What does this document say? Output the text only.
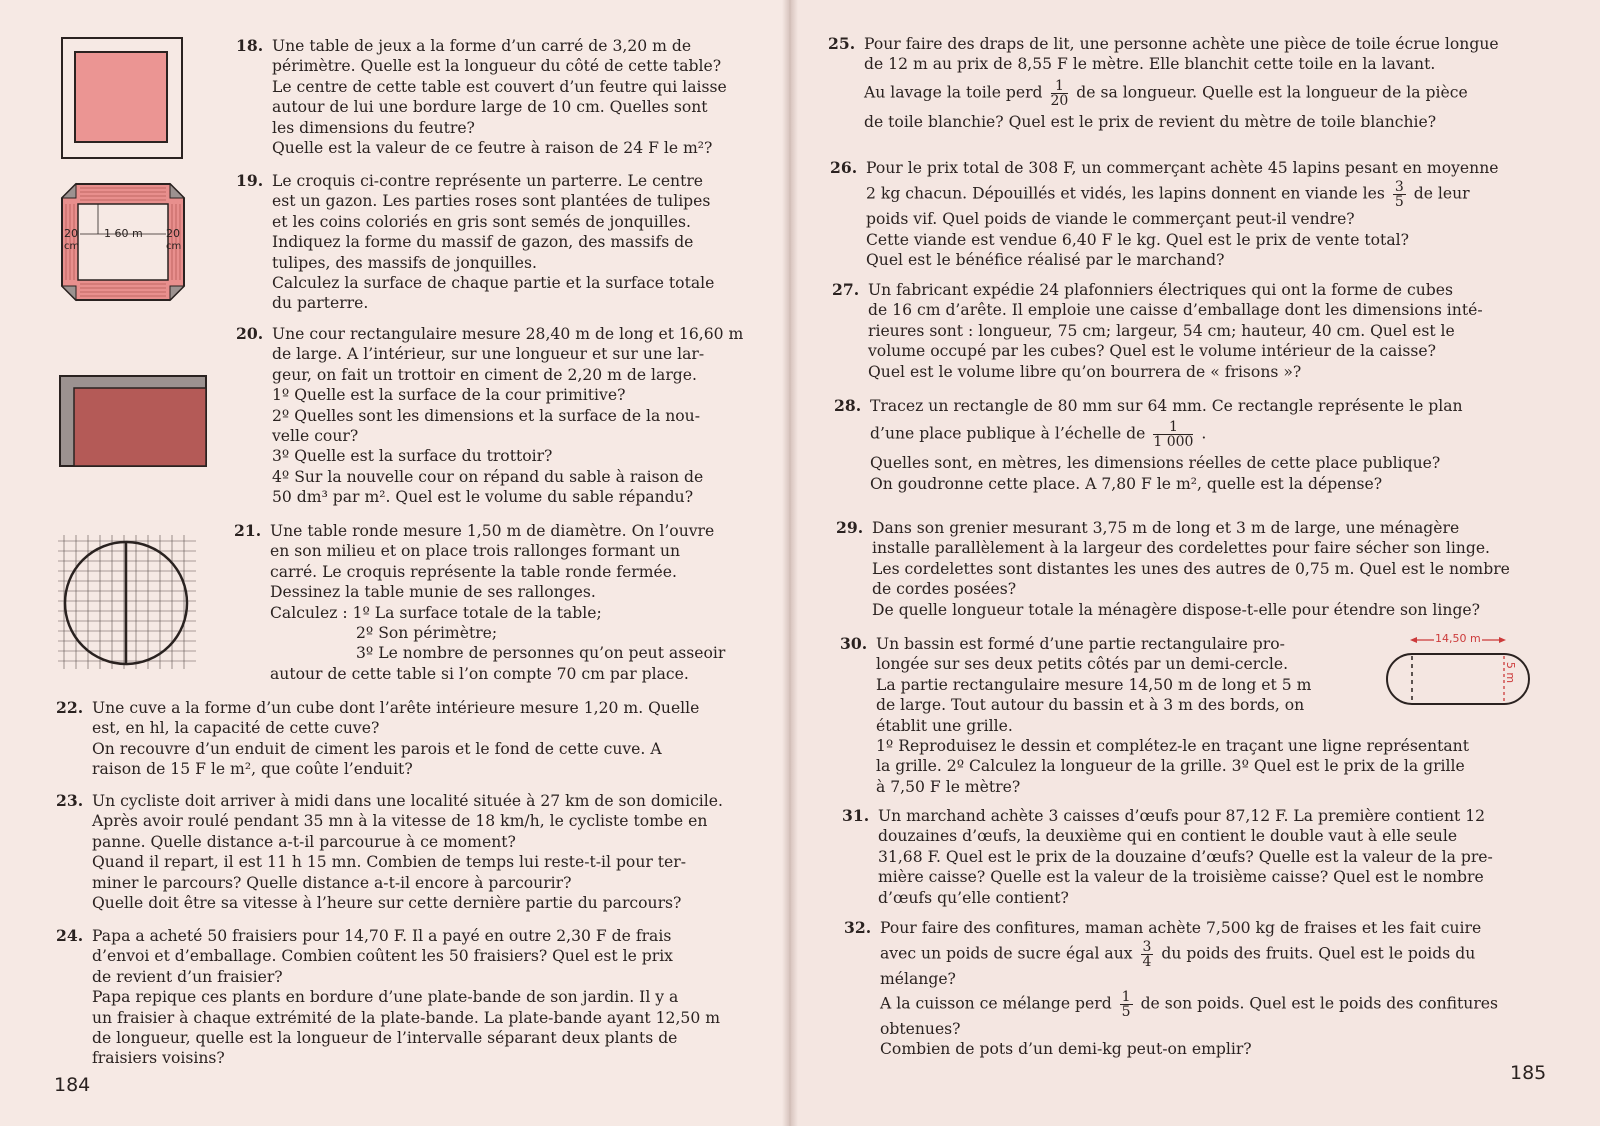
20
cm
1 60 m 20
cm
18. Une table de jeux a la forme d’un carré de 3,20 m de

périmètre. Quelle est la longueur du côté de cette table?

Le centre de cette table est couvert d’un feutre qui laisse

autour de lui une bordure large de 10 cm. Quelles sont

les dimensions du feutre?

Quelle est la valeur de ce feutre à raison de 24 F le m²?

19. Le croquis ci-contre représente un parterre. Le centre

est un gazon. Les parties roses sont plantées de tulipes

et les coins coloriés en gris sont semés de jonquilles.

Indiquez la forme du massif de gazon, des massifs de

tulipes, des massifs de jonquilles.

Calculez la surface de chaque partie et la surface totale

du parterre.

20. Une cour rectangulaire mesure 28,40 m de long et 16,60 m

de large. A l’intérieur, sur une longueur et sur une lar-

geur, on fait un trottoir en ciment de 2,20 m de large.

1º Quelle est la surface de la cour primitive?

2º Quelles sont les dimensions et la surface de la nou-

velle cour?

3º Quelle est la surface du trottoir?

4º Sur la nouvelle cour on répand du sable à raison de

50 dm³ par m². Quel est le volume du sable répandu?

21. Une table ronde mesure 1,50 m de diamètre. On l’ouvre

en son milieu et on place trois rallonges formant un

carré. Le croquis représente la table ronde fermée.

Dessinez la table munie de ses rallonges.

Calculez : 1º La surface totale de la table;

2º Son périmètre;

3º Le nombre de personnes qu’on peut asseoir

autour de cette table si l’on compte 70 cm par place.

22. Une cuve a la forme d’un cube dont l’arête intérieure mesure 1,20 m. Quelle

est, en hl, la capacité de cette cuve?

On recouvre d’un enduit de ciment les parois et le fond de cette cuve. A

raison de 15 F le m², que coûte l’enduit?

23. Un cycliste doit arriver à midi dans une localité située à 27 km de son domicile.

Après avoir roulé pendant 35 mn à la vitesse de 18 km/h, le cycliste tombe en

panne. Quelle distance a-t-il parcourue à ce moment?

Quand il repart, il est 11 h 15 mn. Combien de temps lui reste-t-il pour ter-

miner le parcours? Quelle distance a-t-il encore à parcourir?

Quelle doit être sa vitesse à l’heure sur cette dernière partie du parcours?

24. Papa a acheté 50 fraisiers pour 14,70 F. Il a payé en outre 2,30 F de frais

d’envoi et d’emballage. Combien coûtent les 50 fraisiers? Quel est le prix

de revient d’un fraisier?

Papa repique ces plants en bordure d’une plate-bande de son jardin. Il y a

un fraisier à chaque extrémité de la plate-bande. La plate-bande ayant 12,50 m

de longueur, quelle est la longueur de l’intervalle séparant deux plants de

fraisiers voisins?

184
25. Pour faire des draps de lit, une personne achète une pièce de toile écrue longue

de 12 m au prix de 8,55 F le mètre. Elle blanchit cette toile en la lavant.

Au lavage la toile perd $\frac{1}{20}$ de sa longueur. Quelle est la longueur de la pièce

de toile blanchie? Quel est le prix de revient du mètre de toile blanchie?

26. Pour le prix total de 308 F, un commerçant achète 45 lapins pesant en moyenne

2 kg chacun. Dépouillés et vidés, les lapins donnent en viande les $\frac{3}{5}$ de leur

poids vif. Quel poids de viande le commerçant peut-il vendre?

Cette viande est vendue 6,40 F le kg. Quel est le prix de vente total?

Quel est le bénéfice réalisé par le marchand?

27. Un fabricant expédie 24 plafonniers électriques qui ont la forme de cubes

de 16 cm d’arête. Il emploie une caisse d’emballage dont les dimensions inté-

rieures sont : longueur, 75 cm; largeur, 54 cm; hauteur, 40 cm. Quel est le

volume occupé par les cubes? Quel est le volume intérieur de la caisse?

Quel est le volume libre qu’on bourrera de « frisons »?

28. Tracez un rectangle de 80 mm sur 64 mm. Ce rectangle représente le plan

d’une place publique à l’échelle de $\frac{1}{1 000}$ .

Quelles sont, en mètres, les dimensions réelles de cette place publique?

On goudronne cette place. A 7,80 F le m², quelle est la dépense?

29. Dans son grenier mesurant 3,75 m de long et 3 m de large, une ménagère

installe parallèlement à la largeur des cordelettes pour faire sécher son linge.

Les cordelettes sont distantes les unes des autres de 0,75 m. Quel est le nombre

de cordes posées?

De quelle longueur totale la ménagère dispose-t-elle pour étendre son linge?

30. Un bassin est formé d’une partie rectangulaire pro-

longée sur ses deux petits côtés par un demi-cercle.

La partie rectangulaire mesure 14,50 m de long et 5 m

de large. Tout autour du bassin et à 3 m des bords, on

établit une grille.

1º Reproduisez le dessin et complétez-le en traçant une ligne représentant

la grille. 2º Calculez la longueur de la grille. 3º Quel est le prix de la grille

à 7,50 F le mètre?

14,50 m
5 m
31. Un marchand achète 3 caisses d’œufs pour 87,12 F. La première contient 12

douzaines d’œufs, la deuxième qui en contient le double vaut à elle seule

31,68 F. Quel est le prix de la douzaine d’œufs? Quelle est la valeur de la pre-

mière caisse? Quelle est la valeur de la troisième caisse? Quel est le nombre

d’œufs qu’elle contient?

32. Pour faire des confitures, maman achète 7,500 kg de fraises et les fait cuire

avec un poids de sucre égal aux $\frac{3}{4}$ du poids des fruits. Quel est le poids du

mélange?

A la cuisson ce mélange perd $\frac{1}{5}$ de son poids. Quel est le poids des confitures

obtenues?

Combien de pots d’un demi-kg peut-on emplir?

185
